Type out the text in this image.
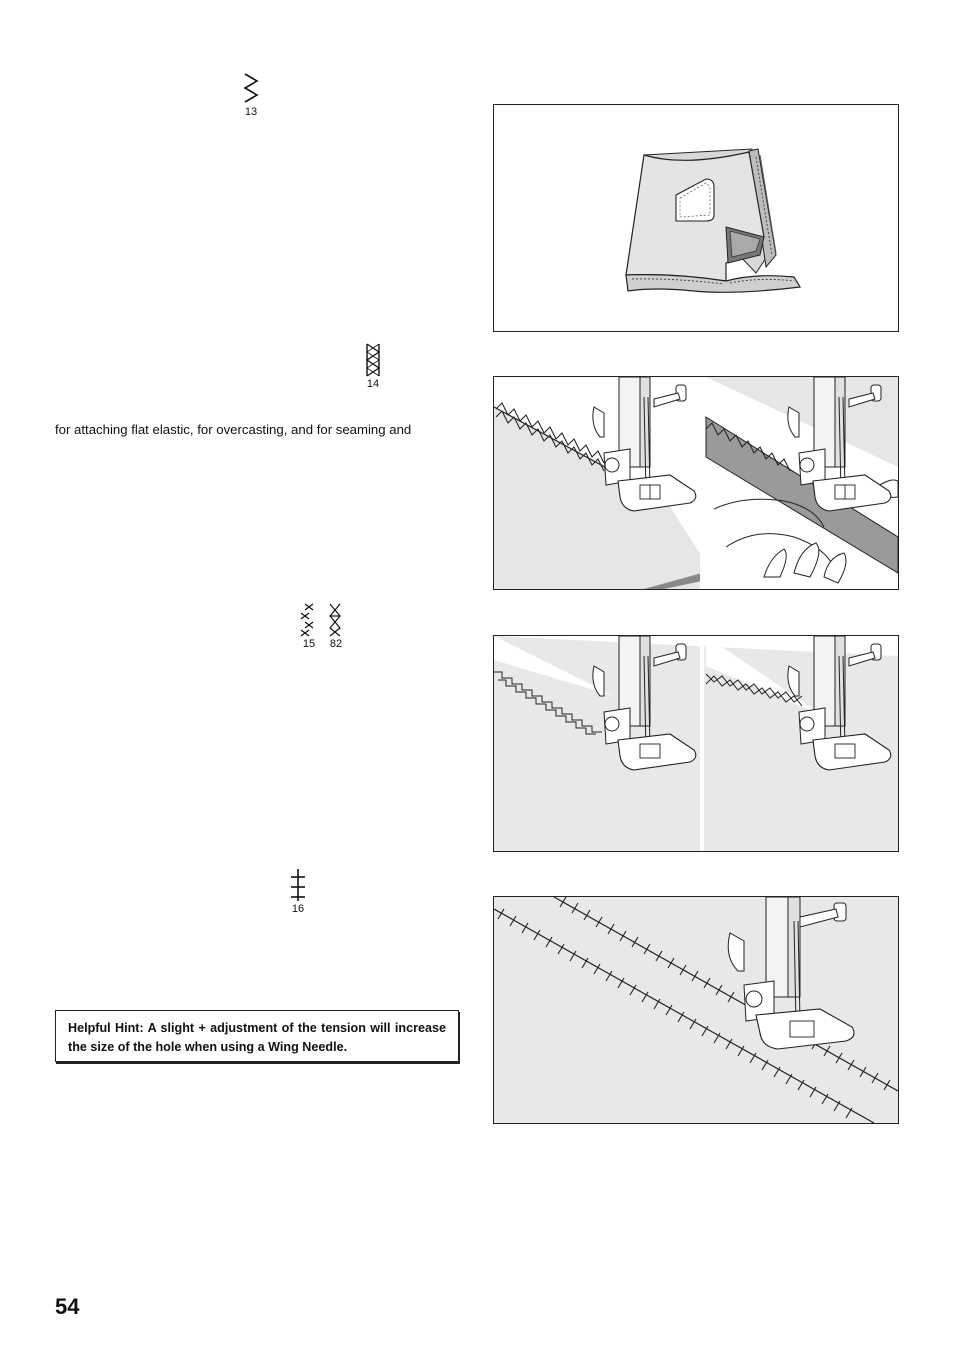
13
14
for attaching flat elastic, for overcasting, and for seaming and
15	82
16
Helpful Hint: A slight + adjustment of the tension will increase the size of the hole when using a Wing Needle.
54
